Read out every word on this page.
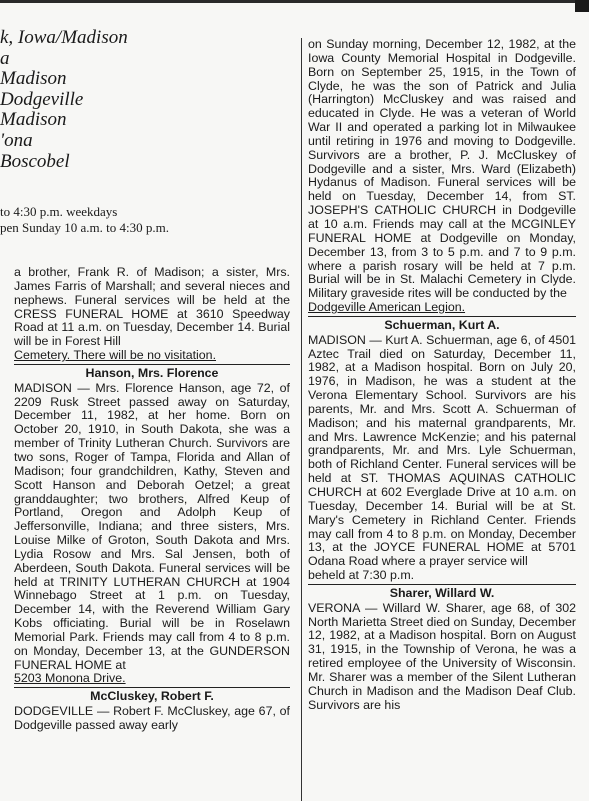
k, Iowa/Madison
a
Madison
Dodgeville
Madison
'ona
Boscobel
to 4:30 p.m. weekdays
pen Sunday 10 a.m. to 4:30 p.m.

a brother, Frank R. of Madison; a sister, Mrs. James Farris of Marshall; and several nieces and nephews. Funeral services will be held at the CRESS FUNERAL HOME at 3610 Speedway Road at 11 a.m. on Tuesday, December 14. Burial will be in Forest Hill

Cemetery. There will be no visitation.

Hanson, Mrs. Florence

MADISON — Mrs. Florence Hanson, age 72, of 2209 Rusk Street passed away on Saturday, December 11, 1982, at her home. Born on October 20, 1910, in South Dakota, she was a member of Trinity Lutheran Church. Survivors are two sons, Roger of Tampa, Florida and Allan of Madison; four grandchildren, Kathy, Steven and Scott Hanson and Deborah Oetzel; a great granddaughter; two brothers, Alfred Keup of Portland, Oregon and Adolph Keup of Jeffersonville, Indiana; and three sisters, Mrs. Louise Milke of Groton, South Dakota and Mrs. Lydia Rosow and Mrs. Sal Jensen, both of Aberdeen, South Dakota. Funeral services will be held at TRINITY LUTHERAN CHURCH at 1904 Winnebago Street at 1 p.m. on Tuesday, December 14, with the Reverend William Gary Kobs officiating. Burial will be in Roselawn Memorial Park. Friends may call from 4 to 8 p.m. on Monday, December 13, at the GUNDERSON FUNERAL HOME at

5203 Monona Drive.

McCluskey, Robert F.

DODGEVILLE — Robert F. McCluskey, age 67, of Dodgeville passed away early

on Sunday morning, December 12, 1982, at the Iowa County Memorial Hospital in Dodgeville. Born on September 25, 1915, in the Town of Clyde, he was the son of Patrick and Julia (Harrington) McCluskey and was raised and educated in Clyde. He was a veteran of World War II and operated a parking lot in Milwaukee until retiring in 1976 and moving to Dodgeville. Survivors are a brother, P. J. McCluskey of Dodgeville and a sister, Mrs. Ward (Elizabeth) Hydanus of Madison. Funeral services will be held on Tuesday, December 14, from ST. JOSEPH'S CATHOLIC CHURCH in Dodgeville at 10 a.m. Friends may call at the MCGINLEY FUNERAL HOME at Dodgeville on Monday, December 13, from 3 to 5 p.m. and 7 to 9 p.m. where a parish rosary will be held at 7 p.m. Burial will be in St. Malachi Cemetery in Clyde. Military graveside rites will be conducted by the

Dodgeville American Legion.

Schuerman, Kurt A.

MADISON — Kurt A. Schuerman, age 6, of 4501 Aztec Trail died on Saturday, December 11, 1982, at a Madison hospital. Born on July 20, 1976, in Madison, he was a student at the Verona Elementary School. Survivors are his parents, Mr. and Mrs. Scott A. Schuerman of Madison; and his maternal grandparents, Mr. and Mrs. Lawrence McKenzie; and his paternal grandparents, Mr. and Mrs. Lyle Schuerman, both of Richland Center. Funeral services will be held at ST. THOMAS AQUINAS CATHOLIC CHURCH at 602 Everglade Drive at 10 a.m. on Tuesday, December 14. Burial will be at St. Mary's Cemetery in Richland Center. Friends may call from 4 to 8 p.m. on Monday, December 13, at the JOYCE FUNERAL HOME at 5701 Odana Road where a prayer service will

beheld at 7:30 p.m.

Sharer, Willard W.

VERONA — Willard W. Sharer, age 68, of 302 North Marietta Street died on Sunday, December 12, 1982, at a Madison hospital. Born on August 31, 1915, in the Township of Verona, he was a retired employee of the University of Wisconsin. Mr. Sharer was a member of the Silent Lutheran Church in Madison and the Madison Deaf Club. Survivors are his
